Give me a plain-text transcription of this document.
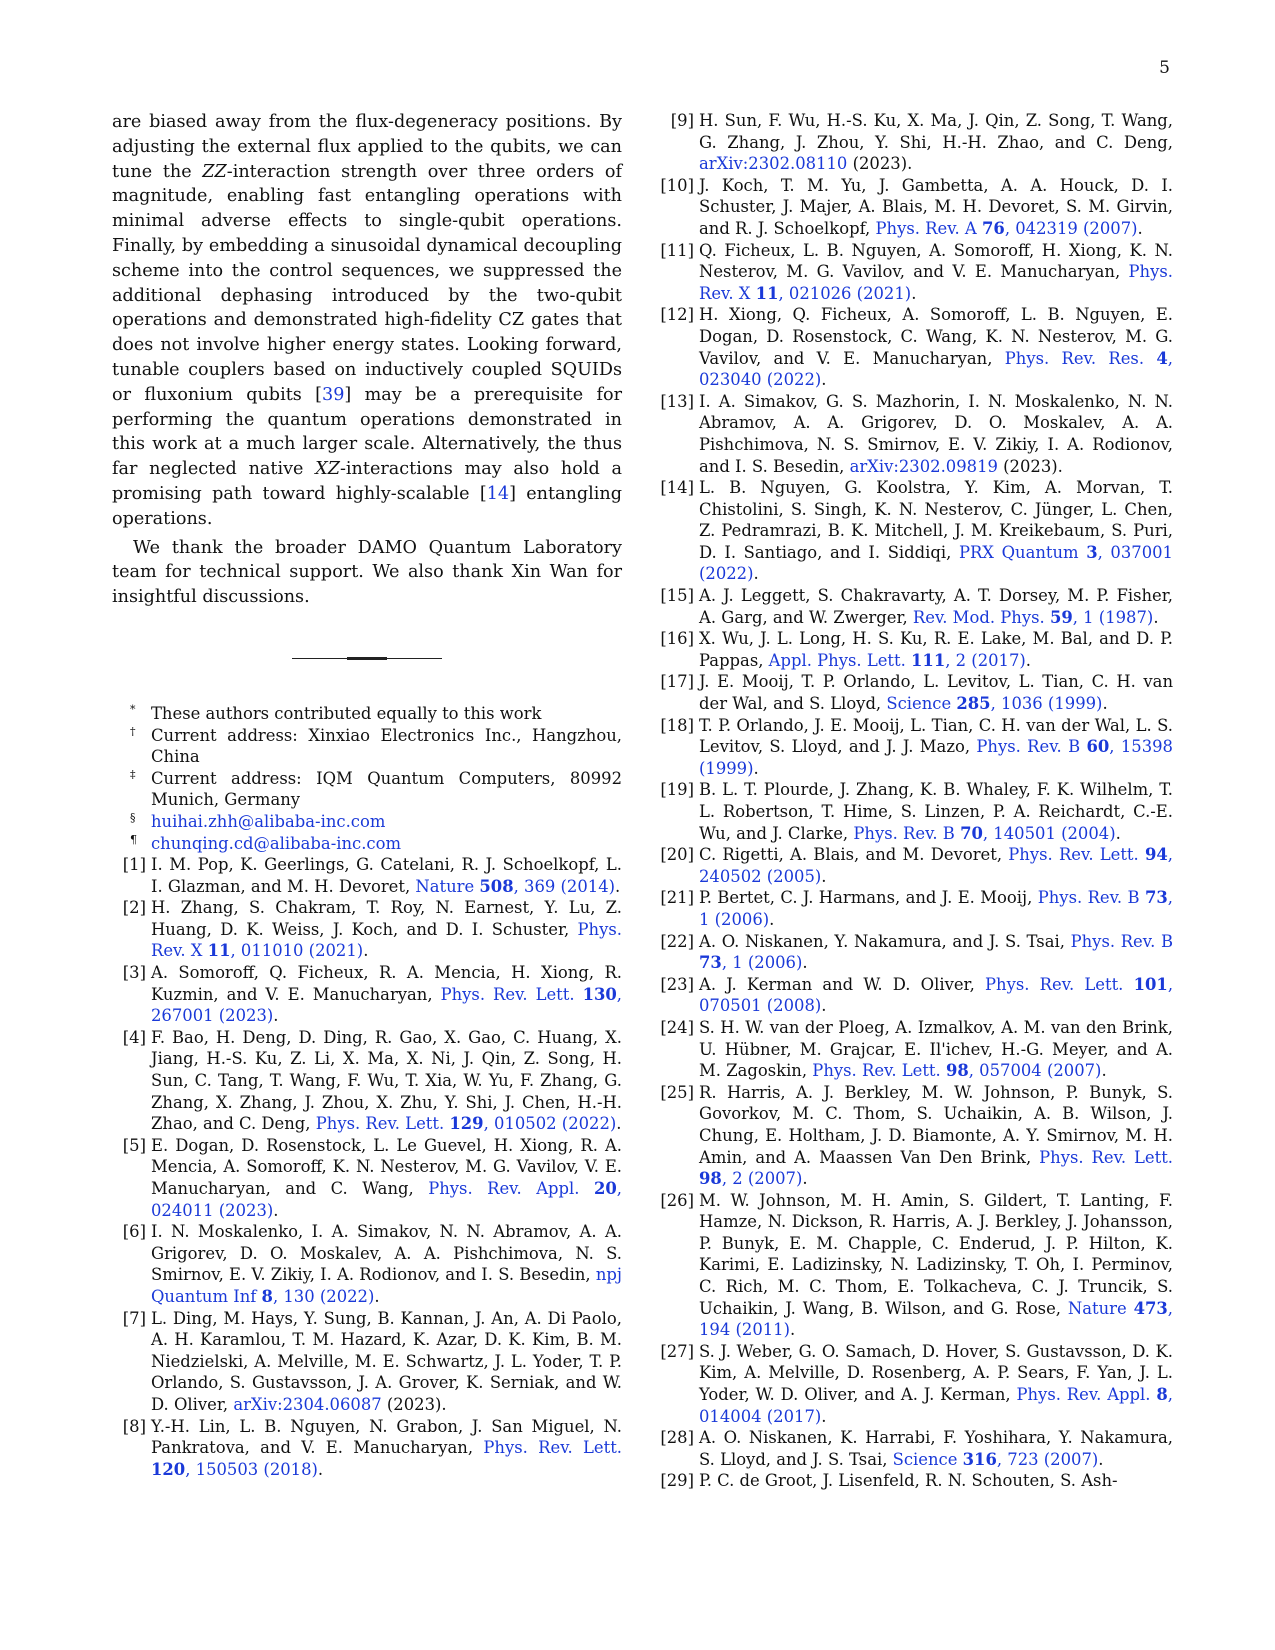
5

are biased away from the flux-degeneracy positions. By adjusting the external flux applied to the qubits, we can tune the ZZ-interaction strength over three orders of magnitude, enabling fast entangling operations with minimal adverse effects to single-qubit operations. Finally, by embedding a sinusoidal dynamical decoupling scheme into the control sequences, we suppressed the additional dephasing introduced by the two-qubit operations and demonstrated high-fidelity CZ gates that does not involve higher energy states. Looking forward, tunable couplers based on inductively coupled SQUIDs or fluxonium qubits [39] may be a prerequisite for performing the quantum operations demonstrated in this work at a much larger scale. Alternatively, the thus far neglected native XZ-interactions may also hold a promising path toward highly-scalable [14] entangling operations.

We thank the broader DAMO Quantum Laboratory team for technical support. We also thank Xin Wan for insightful discussions.

* These authors contributed equally to this work
† Current address: Xinxiao Electronics Inc., Hangzhou, China
‡ Current address: IQM Quantum Computers, 80992 Munich, Germany
§ huihai.zhh@alibaba-inc.com
¶ chunqing.cd@alibaba-inc.com
[1] I. M. Pop, K. Geerlings, G. Catelani, R. J. Schoelkopf, L. I. Glazman, and M. H. Devoret, Nature 508, 369 (2014).
[2] H. Zhang, S. Chakram, T. Roy, N. Earnest, Y. Lu, Z. Huang, D. K. Weiss, J. Koch, and D. I. Schuster, Phys. Rev. X 11, 011010 (2021).
[3] A. Somoroff, Q. Ficheux, R. A. Mencia, H. Xiong, R. Kuzmin, and V. E. Manucharyan, Phys. Rev. Lett. 130, 267001 (2023).
[4] F. Bao, H. Deng, D. Ding, R. Gao, X. Gao, C. Huang, X. Jiang, H.-S. Ku, Z. Li, X. Ma, X. Ni, J. Qin, Z. Song, H. Sun, C. Tang, T. Wang, F. Wu, T. Xia, W. Yu, F. Zhang, G. Zhang, X. Zhang, J. Zhou, X. Zhu, Y. Shi, J. Chen, H.-H. Zhao, and C. Deng, Phys. Rev. Lett. 129, 010502 (2022).
[5] E. Dogan, D. Rosenstock, L. Le Guevel, H. Xiong, R. A. Mencia, A. Somoroff, K. N. Nesterov, M. G. Vavilov, V. E. Manucharyan, and C. Wang, Phys. Rev. Appl. 20, 024011 (2023).
[6] I. N. Moskalenko, I. A. Simakov, N. N. Abramov, A. A. Grigorev, D. O. Moskalev, A. A. Pishchimova, N. S. Smirnov, E. V. Zikiy, I. A. Rodionov, and I. S. Besedin, npj Quantum Inf 8, 130 (2022).
[7] L. Ding, M. Hays, Y. Sung, B. Kannan, J. An, A. Di Paolo, A. H. Karamlou, T. M. Hazard, K. Azar, D. K. Kim, B. M. Niedzielski, A. Melville, M. E. Schwartz, J. L. Yoder, T. P. Orlando, S. Gustavsson, J. A. Grover, K. Serniak, and W. D. Oliver, arXiv:2304.06087 (2023).
[8] Y.-H. Lin, L. B. Nguyen, N. Grabon, J. San Miguel, N. Pankratova, and V. E. Manucharyan, Phys. Rev. Lett. 120, 150503 (2018).
[9] H. Sun, F. Wu, H.-S. Ku, X. Ma, J. Qin, Z. Song, T. Wang, G. Zhang, J. Zhou, Y. Shi, H.-H. Zhao, and C. Deng, arXiv:2302.08110 (2023).
[10] J. Koch, T. M. Yu, J. Gambetta, A. A. Houck, D. I. Schuster, J. Majer, A. Blais, M. H. Devoret, S. M. Girvin, and R. J. Schoelkopf, Phys. Rev. A 76, 042319 (2007).
[11] Q. Ficheux, L. B. Nguyen, A. Somoroff, H. Xiong, K. N. Nesterov, M. G. Vavilov, and V. E. Manucharyan, Phys. Rev. X 11, 021026 (2021).
[12] H. Xiong, Q. Ficheux, A. Somoroff, L. B. Nguyen, E. Dogan, D. Rosenstock, C. Wang, K. N. Nesterov, M. G. Vavilov, and V. E. Manucharyan, Phys. Rev. Res. 4, 023040 (2022).
[13] I. A. Simakov, G. S. Mazhorin, I. N. Moskalenko, N. N. Abramov, A. A. Grigorev, D. O. Moskalev, A. A. Pishchimova, N. S. Smirnov, E. V. Zikiy, I. A. Rodionov, and I. S. Besedin, arXiv:2302.09819 (2023).
[14] L. B. Nguyen, G. Koolstra, Y. Kim, A. Morvan, T. Chistolini, S. Singh, K. N. Nesterov, C. Jünger, L. Chen, Z. Pedramrazi, B. K. Mitchell, J. M. Kreikebaum, S. Puri, D. I. Santiago, and I. Siddiqi, PRX Quantum 3, 037001 (2022).
[15] A. J. Leggett, S. Chakravarty, A. T. Dorsey, M. P. Fisher, A. Garg, and W. Zwerger, Rev. Mod. Phys. 59, 1 (1987).
[16] X. Wu, J. L. Long, H. S. Ku, R. E. Lake, M. Bal, and D. P. Pappas, Appl. Phys. Lett. 111, 2 (2017).
[17] J. E. Mooij, T. P. Orlando, L. Levitov, L. Tian, C. H. van der Wal, and S. Lloyd, Science 285, 1036 (1999).
[18] T. P. Orlando, J. E. Mooij, L. Tian, C. H. van der Wal, L. S. Levitov, S. Lloyd, and J. J. Mazo, Phys. Rev. B 60, 15398 (1999).
[19] B. L. T. Plourde, J. Zhang, K. B. Whaley, F. K. Wilhelm, T. L. Robertson, T. Hime, S. Linzen, P. A. Reichardt, C.-E. Wu, and J. Clarke, Phys. Rev. B 70, 140501 (2004).
[20] C. Rigetti, A. Blais, and M. Devoret, Phys. Rev. Lett. 94, 240502 (2005).
[21] P. Bertet, C. J. Harmans, and J. E. Mooij, Phys. Rev. B 73, 1 (2006).
[22] A. O. Niskanen, Y. Nakamura, and J. S. Tsai, Phys. Rev. B 73, 1 (2006).
[23] A. J. Kerman and W. D. Oliver, Phys. Rev. Lett. 101, 070501 (2008).
[24] S. H. W. van der Ploeg, A. Izmalkov, A. M. van den Brink, U. Hübner, M. Grajcar, E. Il'ichev, H.-G. Meyer, and A. M. Zagoskin, Phys. Rev. Lett. 98, 057004 (2007).
[25] R. Harris, A. J. Berkley, M. W. Johnson, P. Bunyk, S. Govorkov, M. C. Thom, S. Uchaikin, A. B. Wilson, J. Chung, E. Holtham, J. D. Biamonte, A. Y. Smirnov, M. H. Amin, and A. Maassen Van Den Brink, Phys. Rev. Lett. 98, 2 (2007).
[26] M. W. Johnson, M. H. Amin, S. Gildert, T. Lanting, F. Hamze, N. Dickson, R. Harris, A. J. Berkley, J. Johansson, P. Bunyk, E. M. Chapple, C. Enderud, J. P. Hilton, K. Karimi, E. Ladizinsky, N. Ladizinsky, T. Oh, I. Perminov, C. Rich, M. C. Thom, E. Tolkacheva, C. J. Truncik, S. Uchaikin, J. Wang, B. Wilson, and G. Rose, Nature 473, 194 (2011).
[27] S. J. Weber, G. O. Samach, D. Hover, S. Gustavsson, D. K. Kim, A. Melville, D. Rosenberg, A. P. Sears, F. Yan, J. L. Yoder, W. D. Oliver, and A. J. Kerman, Phys. Rev. Appl. 8, 014004 (2017).
[28] A. O. Niskanen, K. Harrabi, F. Yoshihara, Y. Nakamura, S. Lloyd, and J. S. Tsai, Science 316, 723 (2007).
[29] P. C. de Groot, J. Lisenfeld, R. N. Schouten, S. Ash-
